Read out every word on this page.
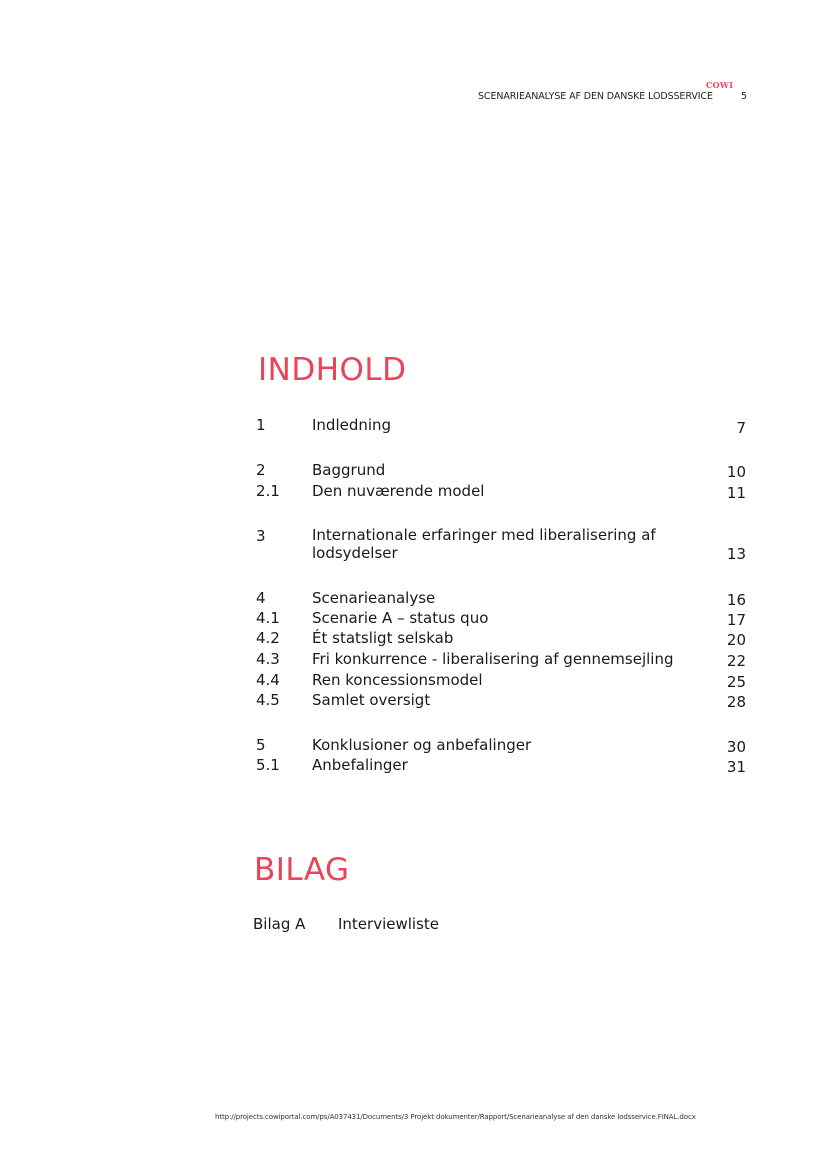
COWI
SCENARIEANALYSE AF DEN DANSKE LODSSERVICE	5
INDHOLD
1	Indledning	7
2	Baggrund	10
2.1 Den nuværende model	11
3	Internationale erfaringer med liberalisering af lodsydelser	13
4	Scenarieanalyse	16
4.1 Scenarie A – status quo	17
4.2 Ét statsligt selskab	20
4.3 Fri konkurrence - liberalisering af gennemsejling	22
4.4 Ren koncessionsmodel	25
4.5 Samlet oversigt	28
5	Konklusioner og anbefalinger	30
5.1 Anbefalinger	31
BILAG
Bilag A Interviewliste
http://projects.cowiportal.com/ps/A037431/Documents/3 Projekt dokumenter/Rapport/Scenarieanalyse af den danske lodsservice.FINAL.docx
